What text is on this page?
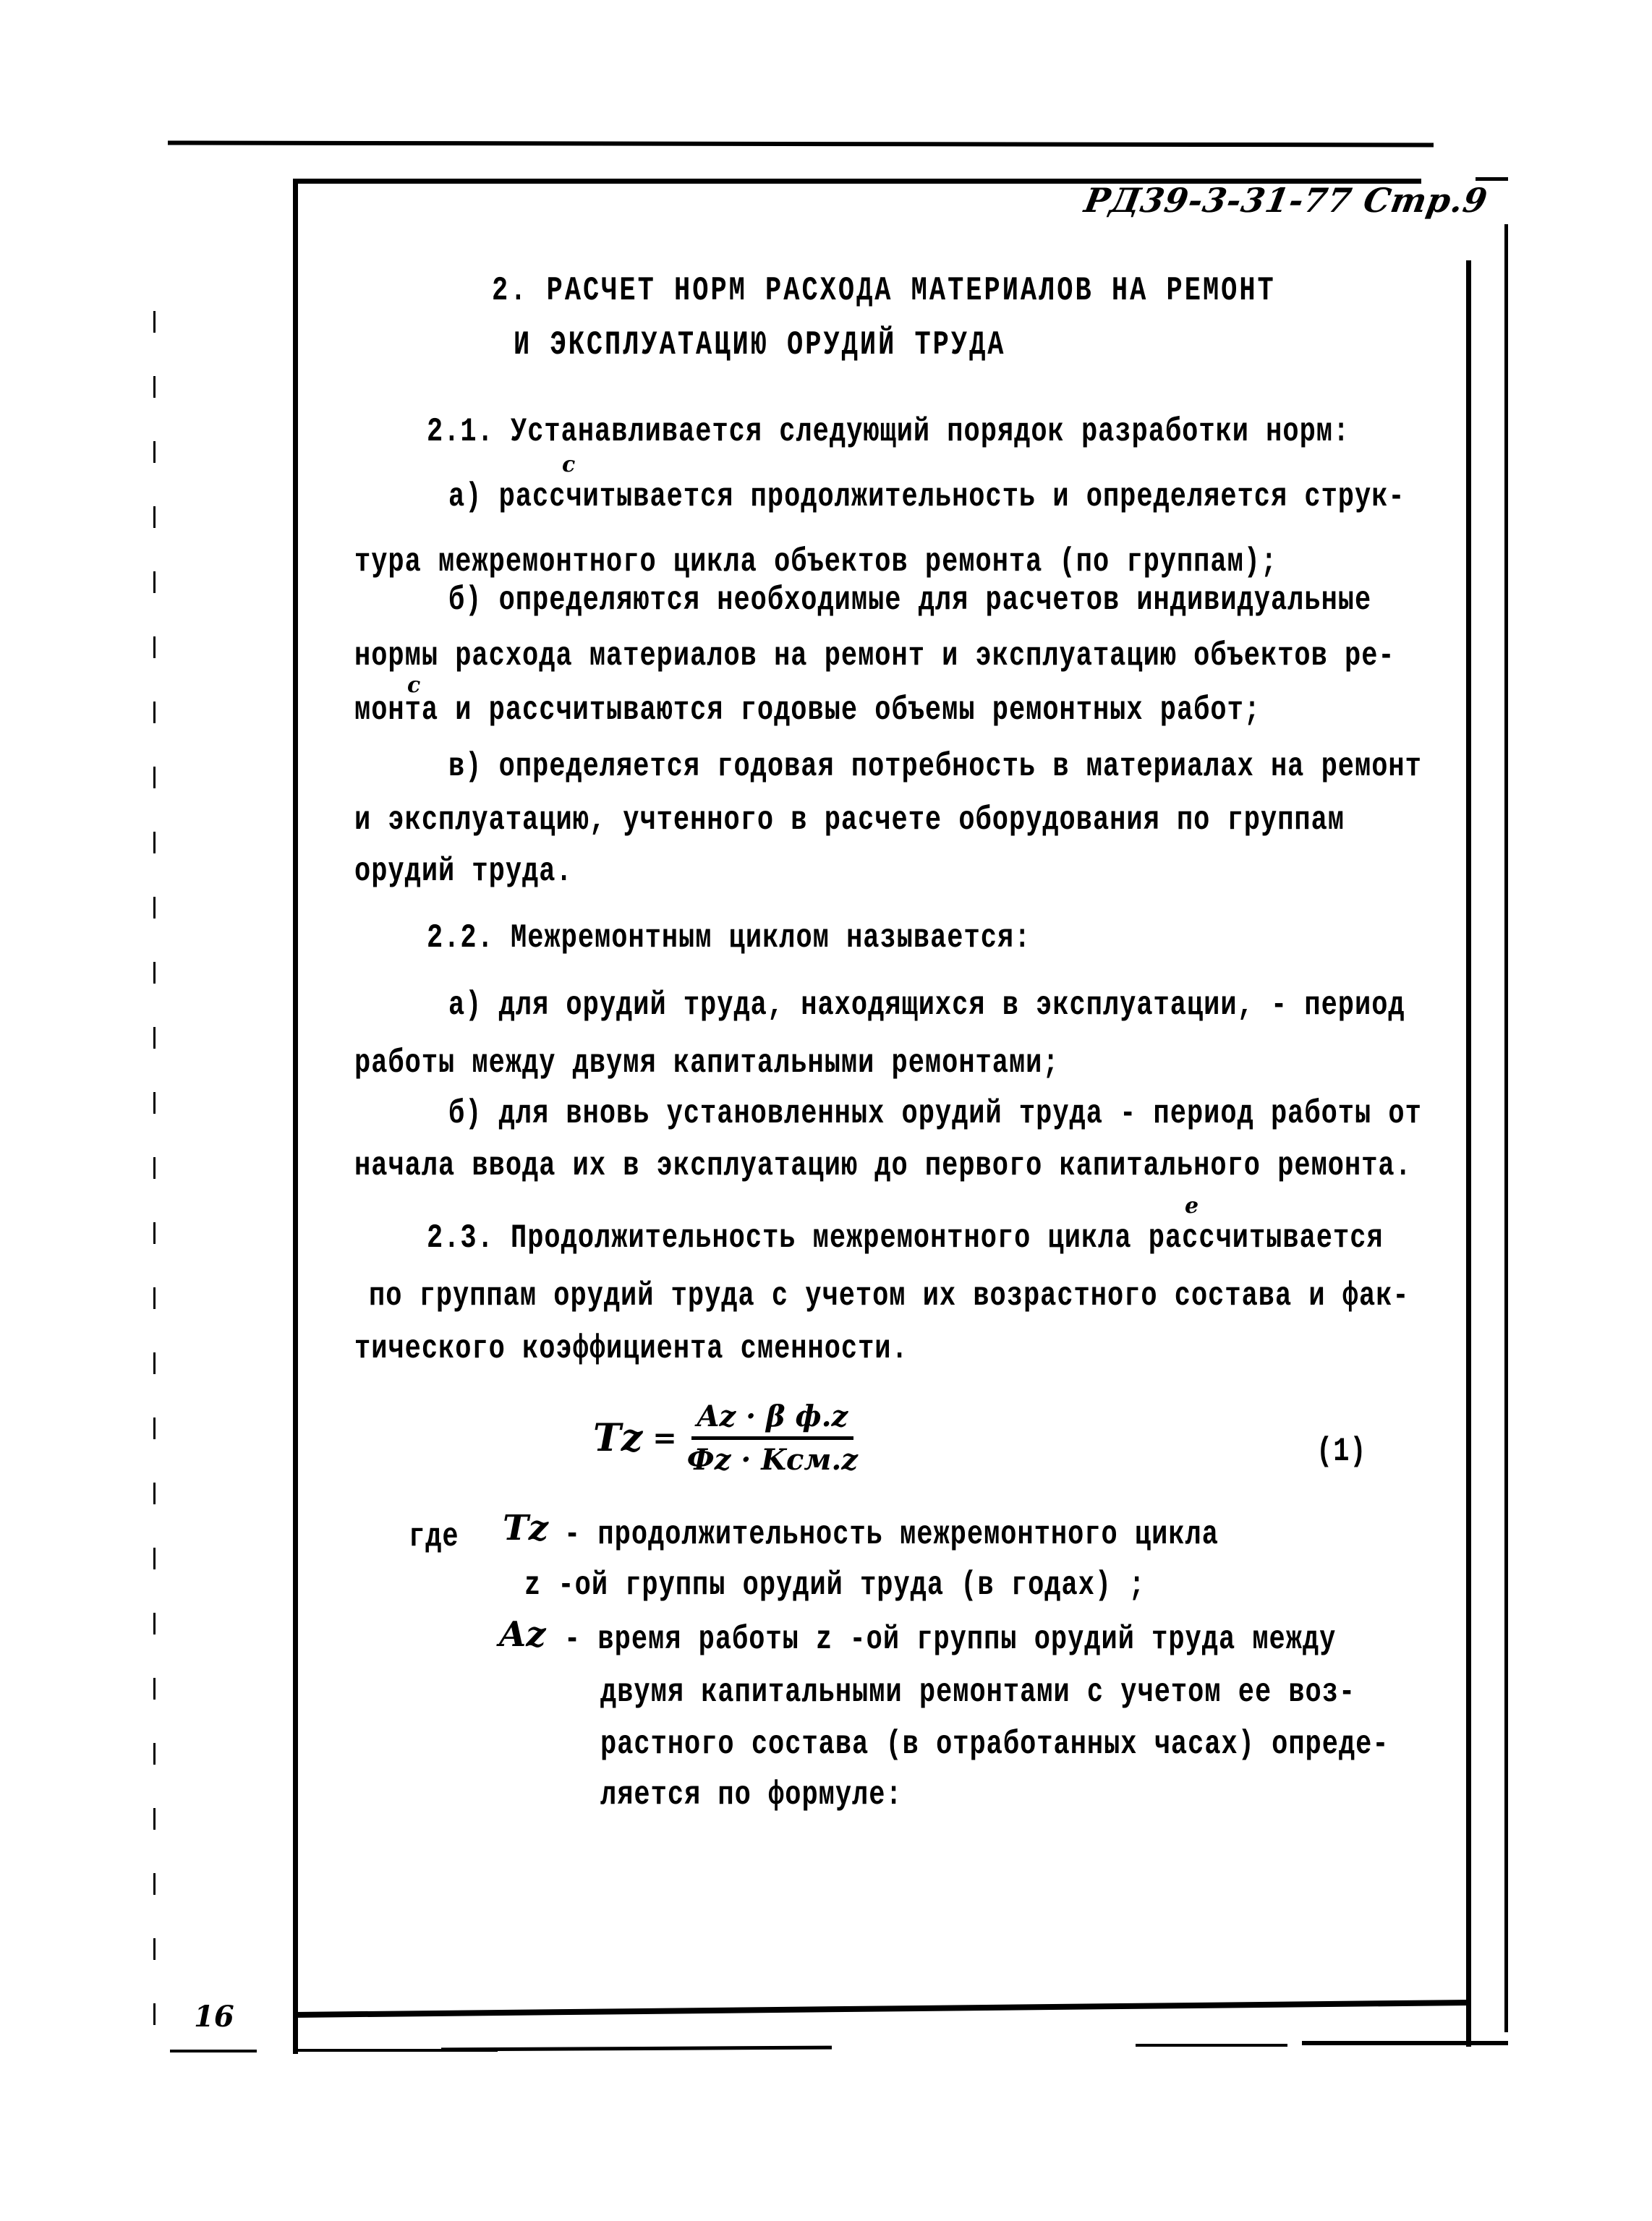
РД39-3-31-77 Стр.9
2. РАСЧЕТ НОРМ РАСХОДА МАТЕРИАЛОВ НА РЕМОНТ
И ЭКСПЛУАТАЦИЮ ОРУДИЙ ТРУДА
2.1. Устанавливается следующий порядок разработки норм:
с
а) рассчитывается продолжительность и определяется струк-
тура межремонтного цикла объектов ремонта (по группам);
б) определяются необходимые для расчетов индивидуальные
нормы расхода материалов на ремонт и эксплуатацию объектов ре-
с
монта и рассчитываются годовые объемы ремонтных работ;
в) определяется годовая потребность в материалах на ремонт
и эксплуатацию, учтенного в расчете оборудования по группам
орудий труда.
2.2. Межремонтным циклом называется:
а) для орудий труда, находящихся в эксплуатации, - период
работы между двумя капитальными ремонтами;
б) для вновь установленных орудий труда - период работы от
начала ввода их в эксплуатацию до первого капитального ремонта.
е
2.3. Продолжительность межремонтного цикла рассчитывается
по группам орудий труда с учетом их возрастного состава и фак-
тического коэффициента сменности.
$Tz = \frac{\text{Az · β ф.z}}{\text{Фz · Kсм.z}}$	(1)
где Tz - продолжительность межремонтного цикла
z -ой группы орудий труда (в годах) ;
Az - время работы z -ой группы орудий труда между
двумя капитальными ремонтами с учетом ее воз-
растного состава (в отработанных часах) опреде-
ляется по формуле:
16
